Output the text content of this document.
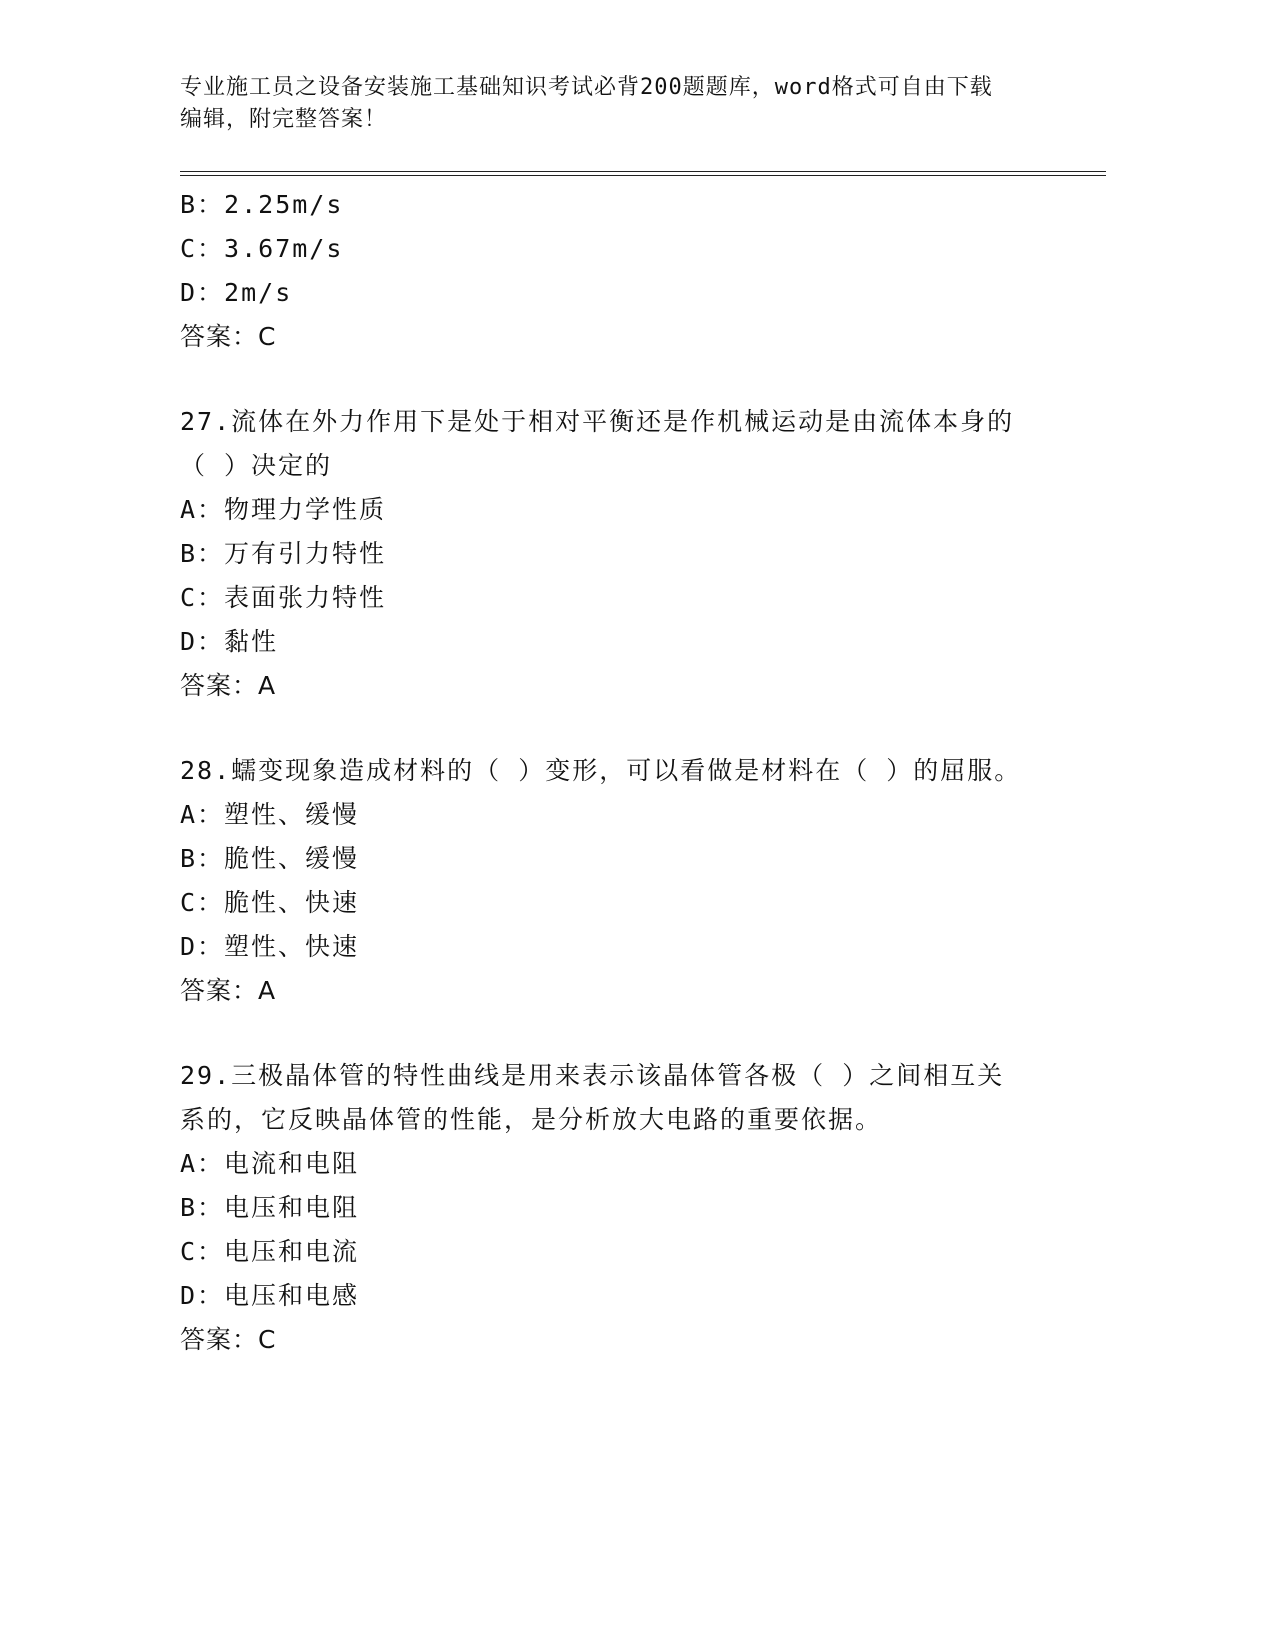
专业施工员之设备安装施工基础知识考试必背200题题库，word格式可自由下载
编辑，附完整答案！
B：2.25m/s
C：3.67m/s
D：2m/s
答案：C
27.流体在外力作用下是处于相对平衡还是作机械运动是由流体本身的
（ ）决定的
A：物理力学性质
B：万有引力特性
C：表面张力特性
D：黏性
答案：A
28.蠕变现象造成材料的（ ）变形，可以看做是材料在（ ）的屈服。
A：塑性、缓慢
B：脆性、缓慢
C：脆性、快速
D：塑性、快速
答案：A
29.三极晶体管的特性曲线是用来表示该晶体管各极（ ）之间相互关
系的，它反映晶体管的性能，是分析放大电路的重要依据。
A：电流和电阻
B：电压和电阻
C：电压和电流
D：电压和电感
答案：C
